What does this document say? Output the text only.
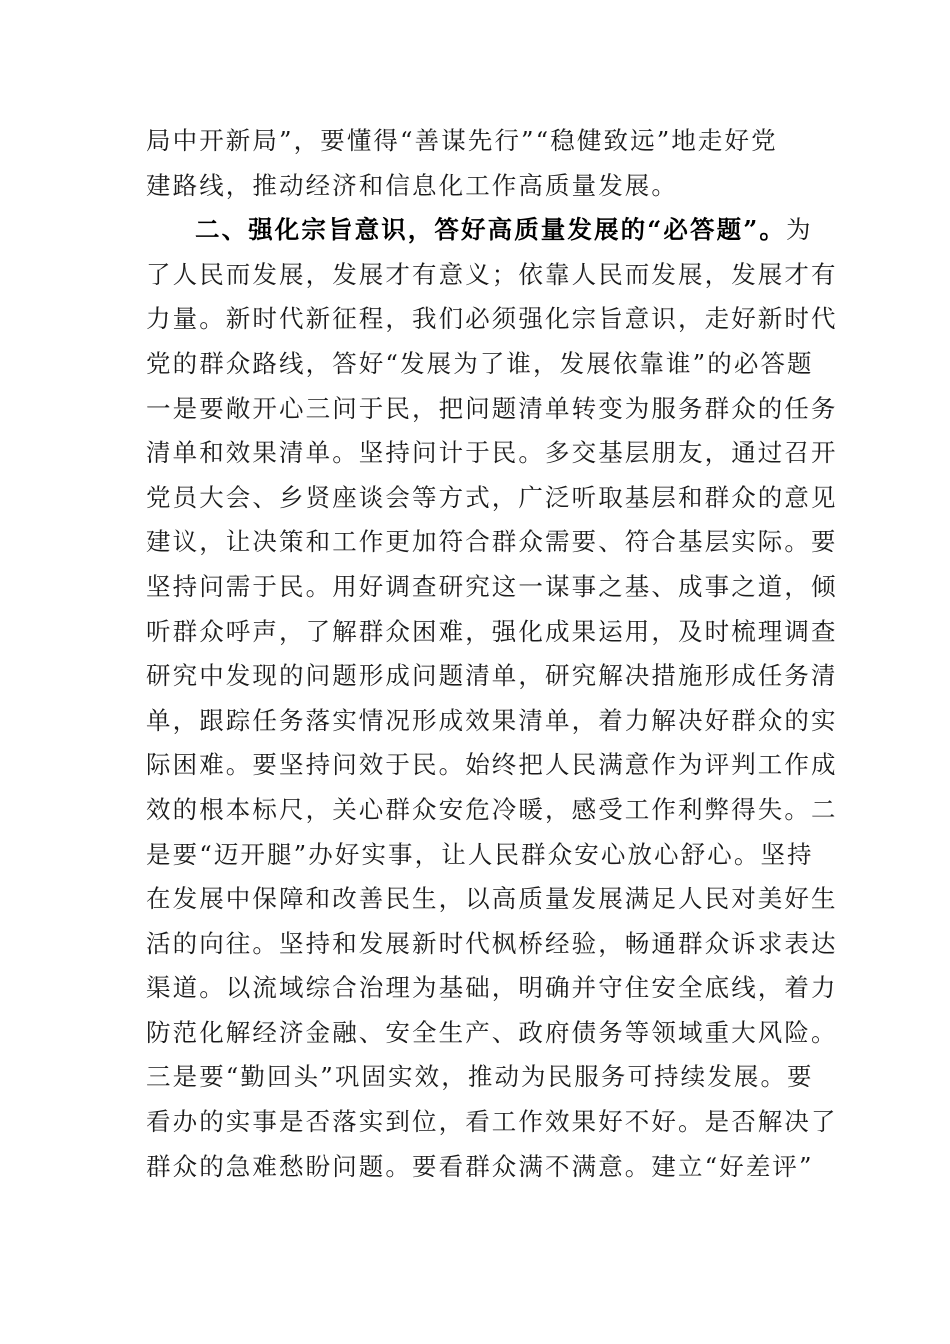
局中开新局”，要懂得“善谋先行”“稳健致远”地走好党
建路线，推动经济和信息化工作高质量发展。
二、强化宗旨意识，答好高质量发展的“必答题”。为
了人民而发展，发展才有意义；依靠人民而发展，发展才有
力量。新时代新征程，我们必须强化宗旨意识，走好新时代
党的群众路线，答好“发展为了谁，发展依靠谁”的必答题
一是要敞开心三问于民，把问题清单转变为服务群众的任务
清单和效果清单。坚持问计于民。多交基层朋友，通过召开
党员大会、乡贤座谈会等方式，广泛听取基层和群众的意见
建议，让决策和工作更加符合群众需要、符合基层实际。要
坚持问需于民。用好调查研究这一谋事之基、成事之道，倾
听群众呼声，了解群众困难，强化成果运用，及时梳理调查
研究中发现的问题形成问题清单，研究解决措施形成任务清
单，跟踪任务落实情况形成效果清单，着力解决好群众的实
际困难。要坚持问效于民。始终把人民满意作为评判工作成
效的根本标尺，关心群众安危冷暖，感受工作利弊得失。二
是要“迈开腿”办好实事，让人民群众安心放心舒心。坚持
在发展中保障和改善民生，以高质量发展满足人民对美好生
活的向往。坚持和发展新时代枫桥经验，畅通群众诉求表达
渠道。以流域综合治理为基础，明确并守住安全底线，着力
防范化解经济金融、安全生产、政府债务等领域重大风险。
三是要“勤回头”巩固实效，推动为民服务可持续发展。要
看办的实事是否落实到位，看工作效果好不好。是否解决了
群众的急难愁盼问题。要看群众满不满意。建立“好差评”
